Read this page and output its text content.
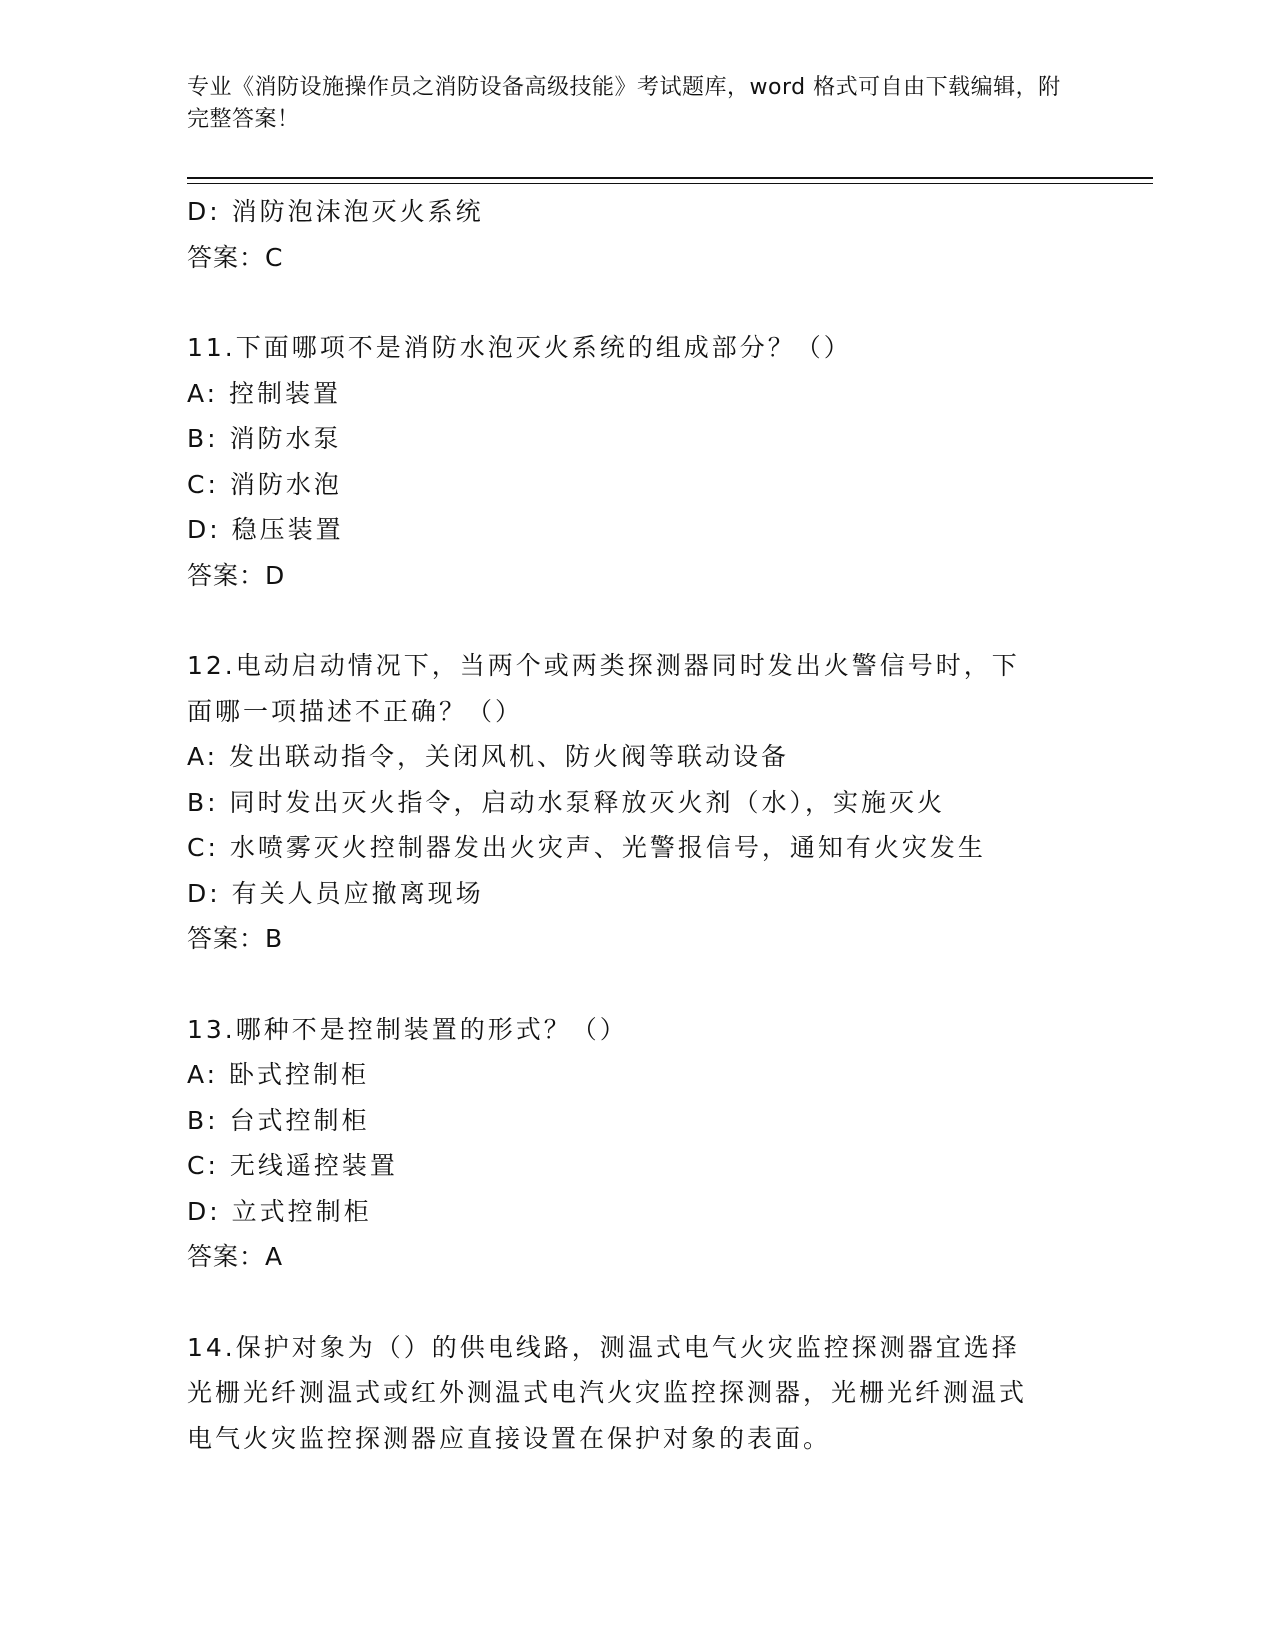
专业《消防设施操作员之消防设备高级技能》考试题库，word 格式可自由下载编辑，附完整答案！
D: 消防泡沫泡灭火系统
答案：C
11.下面哪项不是消防水泡灭火系统的组成部分？（）
A: 控制装置
B: 消防水泵
C: 消防水泡
D: 稳压装置
答案：D
12.电动启动情况下，当两个或两类探测器同时发出火警信号时，下面哪一项描述不正确？（）
A: 发出联动指令，关闭风机、防火阀等联动设备
B: 同时发出灭火指令，启动水泵释放灭火剂（水），实施灭火
C: 水喷雾灭火控制器发出火灾声、光警报信号，通知有火灾发生
D: 有关人员应撤离现场
答案：B
13.哪种不是控制装置的形式？（）
A: 卧式控制柜
B: 台式控制柜
C: 无线遥控装置
D: 立式控制柜
答案：A
14.保护对象为（）的供电线路，测温式电气火灾监控探测器宜选择光栅光纤测温式或红外测温式电汽火灾监控探测器，光栅光纤测温式电气火灾监控探测器应直接设置在保护对象的表面。
